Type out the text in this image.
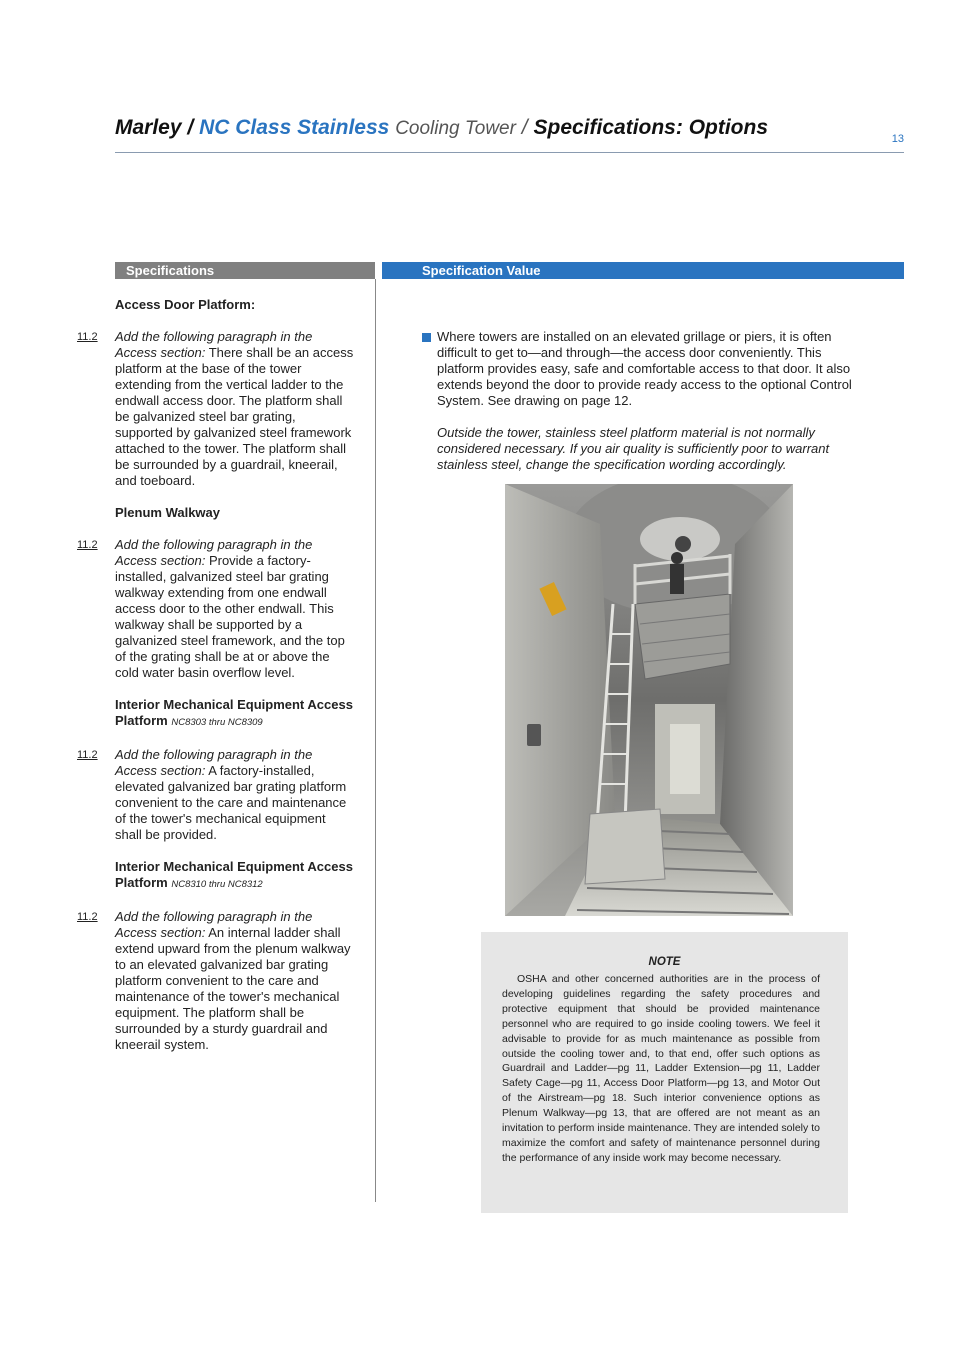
Marley / NC Class Stainless Cooling Tower / Specifications: Options	13
Specifications	Specification Value

Access Door Platform:

11.2 Add the following paragraph in the Access section: There shall be an access platform at the base of the tower extending from the vertical ladder to the endwall access door. The platform shall be galvanized steel bar grating, supported by galvanized steel framework attached to the tower. The platform shall be surrounded by a guardrail, kneerail, and toeboard.

Plenum Walkway

11.2 Add the following paragraph in the Access section: Provide a factory-installed, galvanized steel bar grating walkway extending from one endwall access door to the other endwall. This walkway shall be supported by a galvanized steel framework, and the top of the grating shall be at or above the cold water basin overflow level.

Interior Mechanical Equipment Access Platform NC8303 thru NC8309

11.2 Add the following paragraph in the Access section: A factory-installed, elevated galvanized bar grating platform convenient to the care and maintenance of the tower's mechanical equipment shall be provided.

Interior Mechanical Equipment Access Platform NC8310 thru NC8312

11.2 Add the following paragraph in the Access section: An internal ladder shall extend upward from the plenum walkway to an elevated galvanized bar grating platform convenient to the care and maintenance of the tower's mechanical equipment. The platform shall be surrounded by a sturdy guardrail and kneerail system.

Where towers are installed on an elevated grillage or piers, it is often difficult to get to—and through—the access door conveniently. This platform provides easy, safe and comfortable access to that door. It also extends beyond the door to provide ready access to the optional Control System. See drawing on page 12.

Outside the tower, stainless steel platform material is not normally considered necessary. If you air quality is sufficiently poor to warrant stainless steel, change the specification wording accordingly.

NOTE
OSHA and other concerned authorities are in the process of developing guidelines regarding the safety procedures and protective equipment that should be provided maintenance personnel who are required to go inside cooling towers. We feel it advisable to provide for as much maintenance as possible from outside the cooling tower and, to that end, offer such options as Guardrail and Ladder—pg 11, Ladder Extension—pg 11, Ladder Safety Cage—pg 11, Access Door Platform—pg 13, and Motor Out of the Airstream—pg 18. Such interior convenience options as Plenum Walkway—pg 13, that are offered are not meant as an invitation to perform inside maintenance. They are intended solely to maximize the comfort and safety of maintenance personnel during the performance of any inside work may become necessary.
